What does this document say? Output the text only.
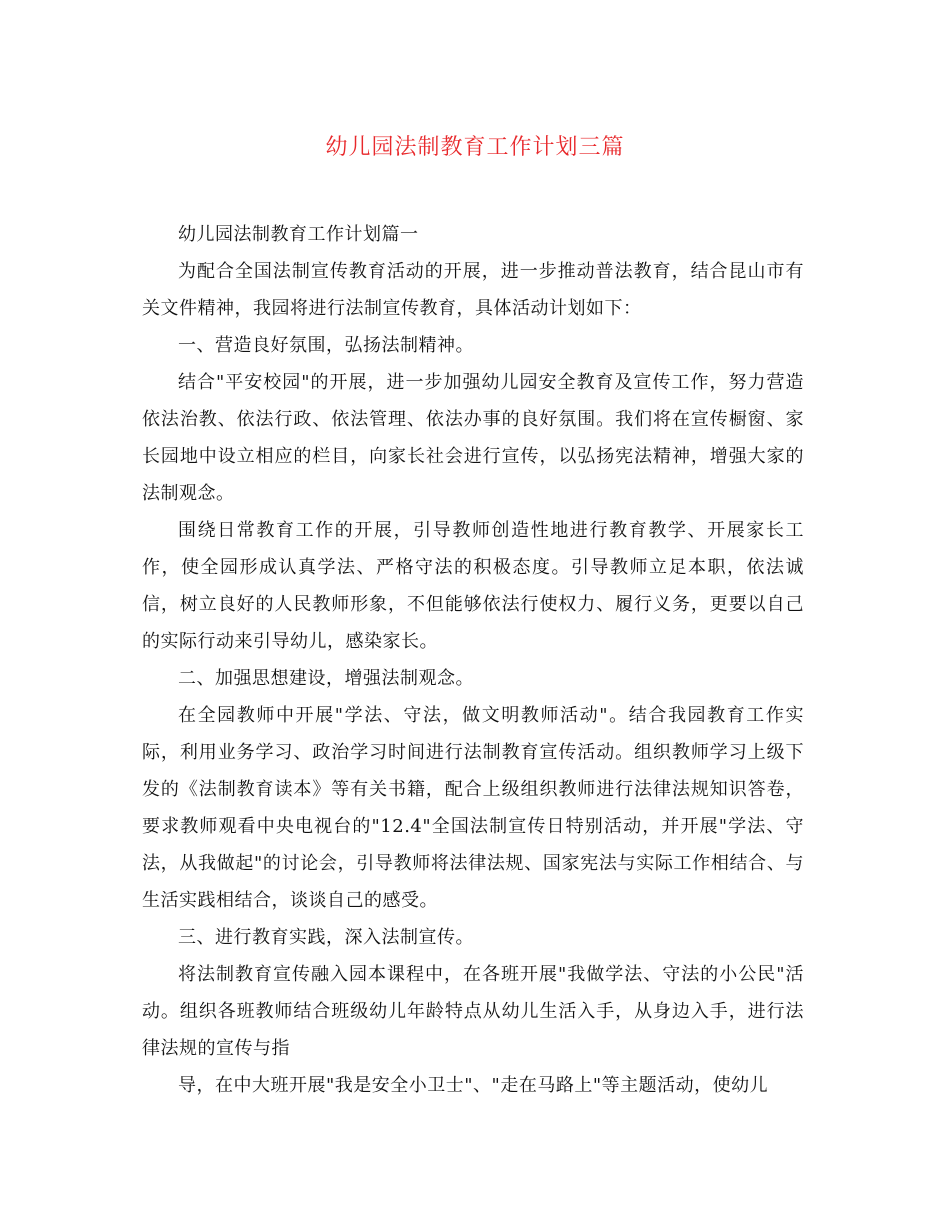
幼儿园法制教育工作计划三篇

幼儿园法制教育工作计划篇一

为配合全国法制宣传教育活动的开展，进一步推动普法教育，结合昆山市有关文件精神，我园将进行法制宣传教育，具体活动计划如下：

一、营造良好氛围，弘扬法制精神。

结合"平安校园"的开展，进一步加强幼儿园安全教育及宣传工作，努力营造依法治教、依法行政、依法管理、依法办事的良好氛围。我们将在宣传橱窗、家长园地中设立相应的栏目，向家长社会进行宣传，以弘扬宪法精神，增强大家的法制观念。

围绕日常教育工作的开展，引导教师创造性地进行教育教学、开展家长工作，使全园形成认真学法、严格守法的积极态度。引导教师立足本职，依法诚信，树立良好的人民教师形象，不但能够依法行使权力、履行义务，更要以自己的实际行动来引导幼儿，感染家长。

二、加强思想建设，增强法制观念。

在全园教师中开展"学法、守法，做文明教师活动"。结合我园教育工作实际，利用业务学习、政治学习时间进行法制教育宣传活动。组织教师学习上级下发的《法制教育读本》等有关书籍，配合上级组织教师进行法律法规知识答卷，要求教师观看中央电视台的"12.4"全国法制宣传日特别活动，并开展"学法、守法，从我做起"的讨论会，引导教师将法律法规、国家宪法与实际工作相结合、与生活实践相结合，谈谈自己的感受。

三、进行教育实践，深入法制宣传。

将法制教育宣传融入园本课程中，在各班开展"我做学法、守法的小公民"活动。组织各班教师结合班级幼儿年龄特点从幼儿生活入手，从身边入手，进行法律法规的宣传与指

导，在中大班开展"我是安全小卫士"、"走在马路上"等主题活动，使幼儿
